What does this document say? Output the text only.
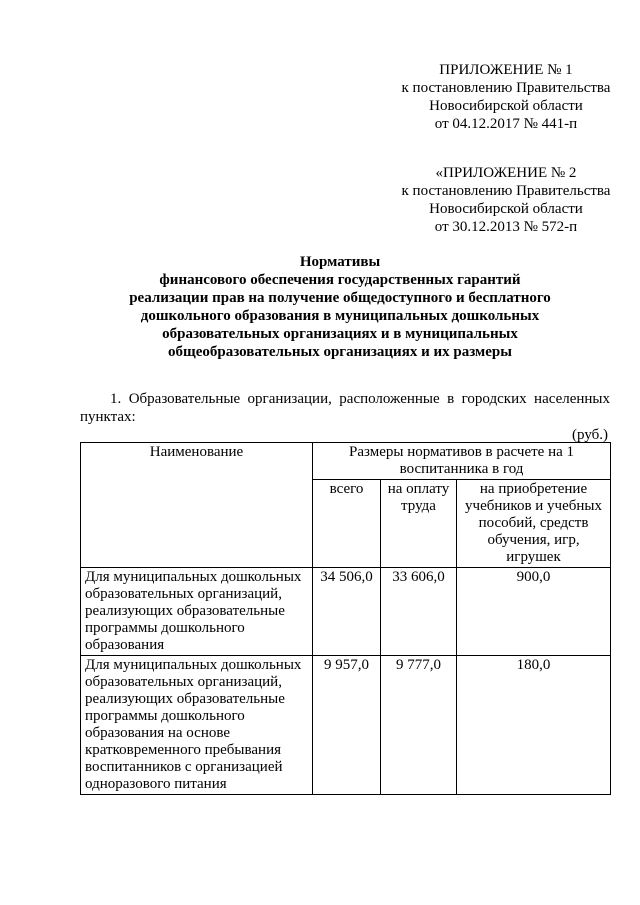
ПРИЛОЖЕНИЕ № 1
к постановлению Правительства
Новосибирской области
от 04.12.2017 № 441-п
«ПРИЛОЖЕНИЕ № 2
к постановлению Правительства
Новосибирской области
от 30.12.2013 № 572-п
Нормативы
финансового обеспечения государственных гарантий
реализации прав на получение общедоступного и бесплатного
дошкольного образования в муниципальных дошкольных
образовательных организациях и в муниципальных
общеобразовательных организациях и их размеры
1. Образовательные организации, расположенные в городских населенных пунктах:
(руб.)
Наименование	Размеры нормативов в расчете на 1 воспитанника в год		
	всего	на оплату труда	на приобретение учебников и учебных пособий, средств обучения, игр, игрушек
Для муниципальных дошкольных образовательных организаций, реализующих образовательные программы дошкольного образования	34 506,0	33 606,0	900,0
Для муниципальных дошкольных образовательных организаций, реализующих образовательные программы дошкольного образования на основе кратковременного пребывания воспитанников с организацией одноразового питания	9 957,0	9 777,0	180,0
